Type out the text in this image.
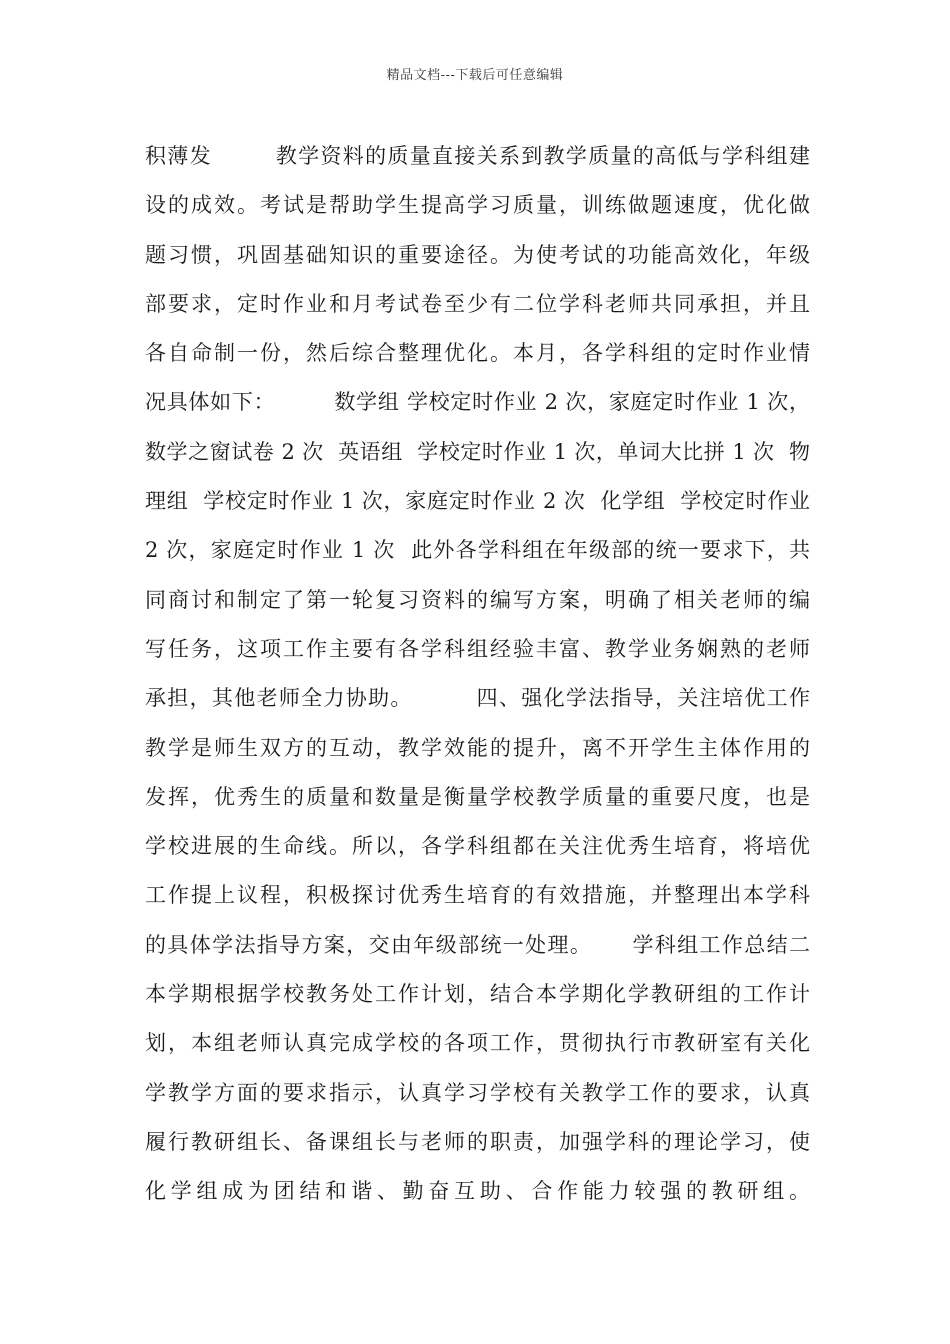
精品文档---下载后可任意编辑
积薄发        教学资料的质量直接关系到教学质量的高低与学科组建
设的成效。考试是帮助学生提高学习质量，训练做题速度，优化做
题习惯，巩固基础知识的重要途径。为使考试的功能高效化，年级
部要求，定时作业和月考试卷至少有二位学科老师共同承担，并且
各自命制一份，然后综合整理优化。本月，各学科组的定时作业情
况具体如下：        数学组 学校定时作业 2 次，家庭定时作业 1 次，
数学之窗试卷 2 次  英语组  学校定时作业 1 次，单词大比拼 1 次  物
理组  学校定时作业 1 次，家庭定时作业 2 次  化学组  学校定时作业
2 次，家庭定时作业 1 次  此外各学科组在年级部的统一要求下，共
同商讨和制定了第一轮复习资料的编写方案，明确了相关老师的编
写任务，这项工作主要有各学科组经验丰富、教学业务娴熟的老师
承担，其他老师全力协助。        四、强化学法指导，关注培优工作
教学是师生双方的互动，教学效能的提升，离不开学生主体作用的
发挥，优秀生的质量和数量是衡量学校教学质量的重要尺度，也是
学校进展的生命线。所以，各学科组都在关注优秀生培育，将培优
工作提上议程，积极探讨优秀生培育的有效措施，并整理出本学科
的具体学法指导方案，交由年级部统一处理。     学科组工作总结二
本学期根据学校教务处工作计划，结合本学期化学教研组的工作计
划，本组老师认真完成学校的各项工作，贯彻执行市教研室有关化
学教学方面的要求指示，认真学习学校有关教学工作的要求，认真
履行教研组长、备课组长与老师的职责，加强学科的理论学习，使
化学组成为团结和谐、勤奋互助、合作能力较强的教研组。
